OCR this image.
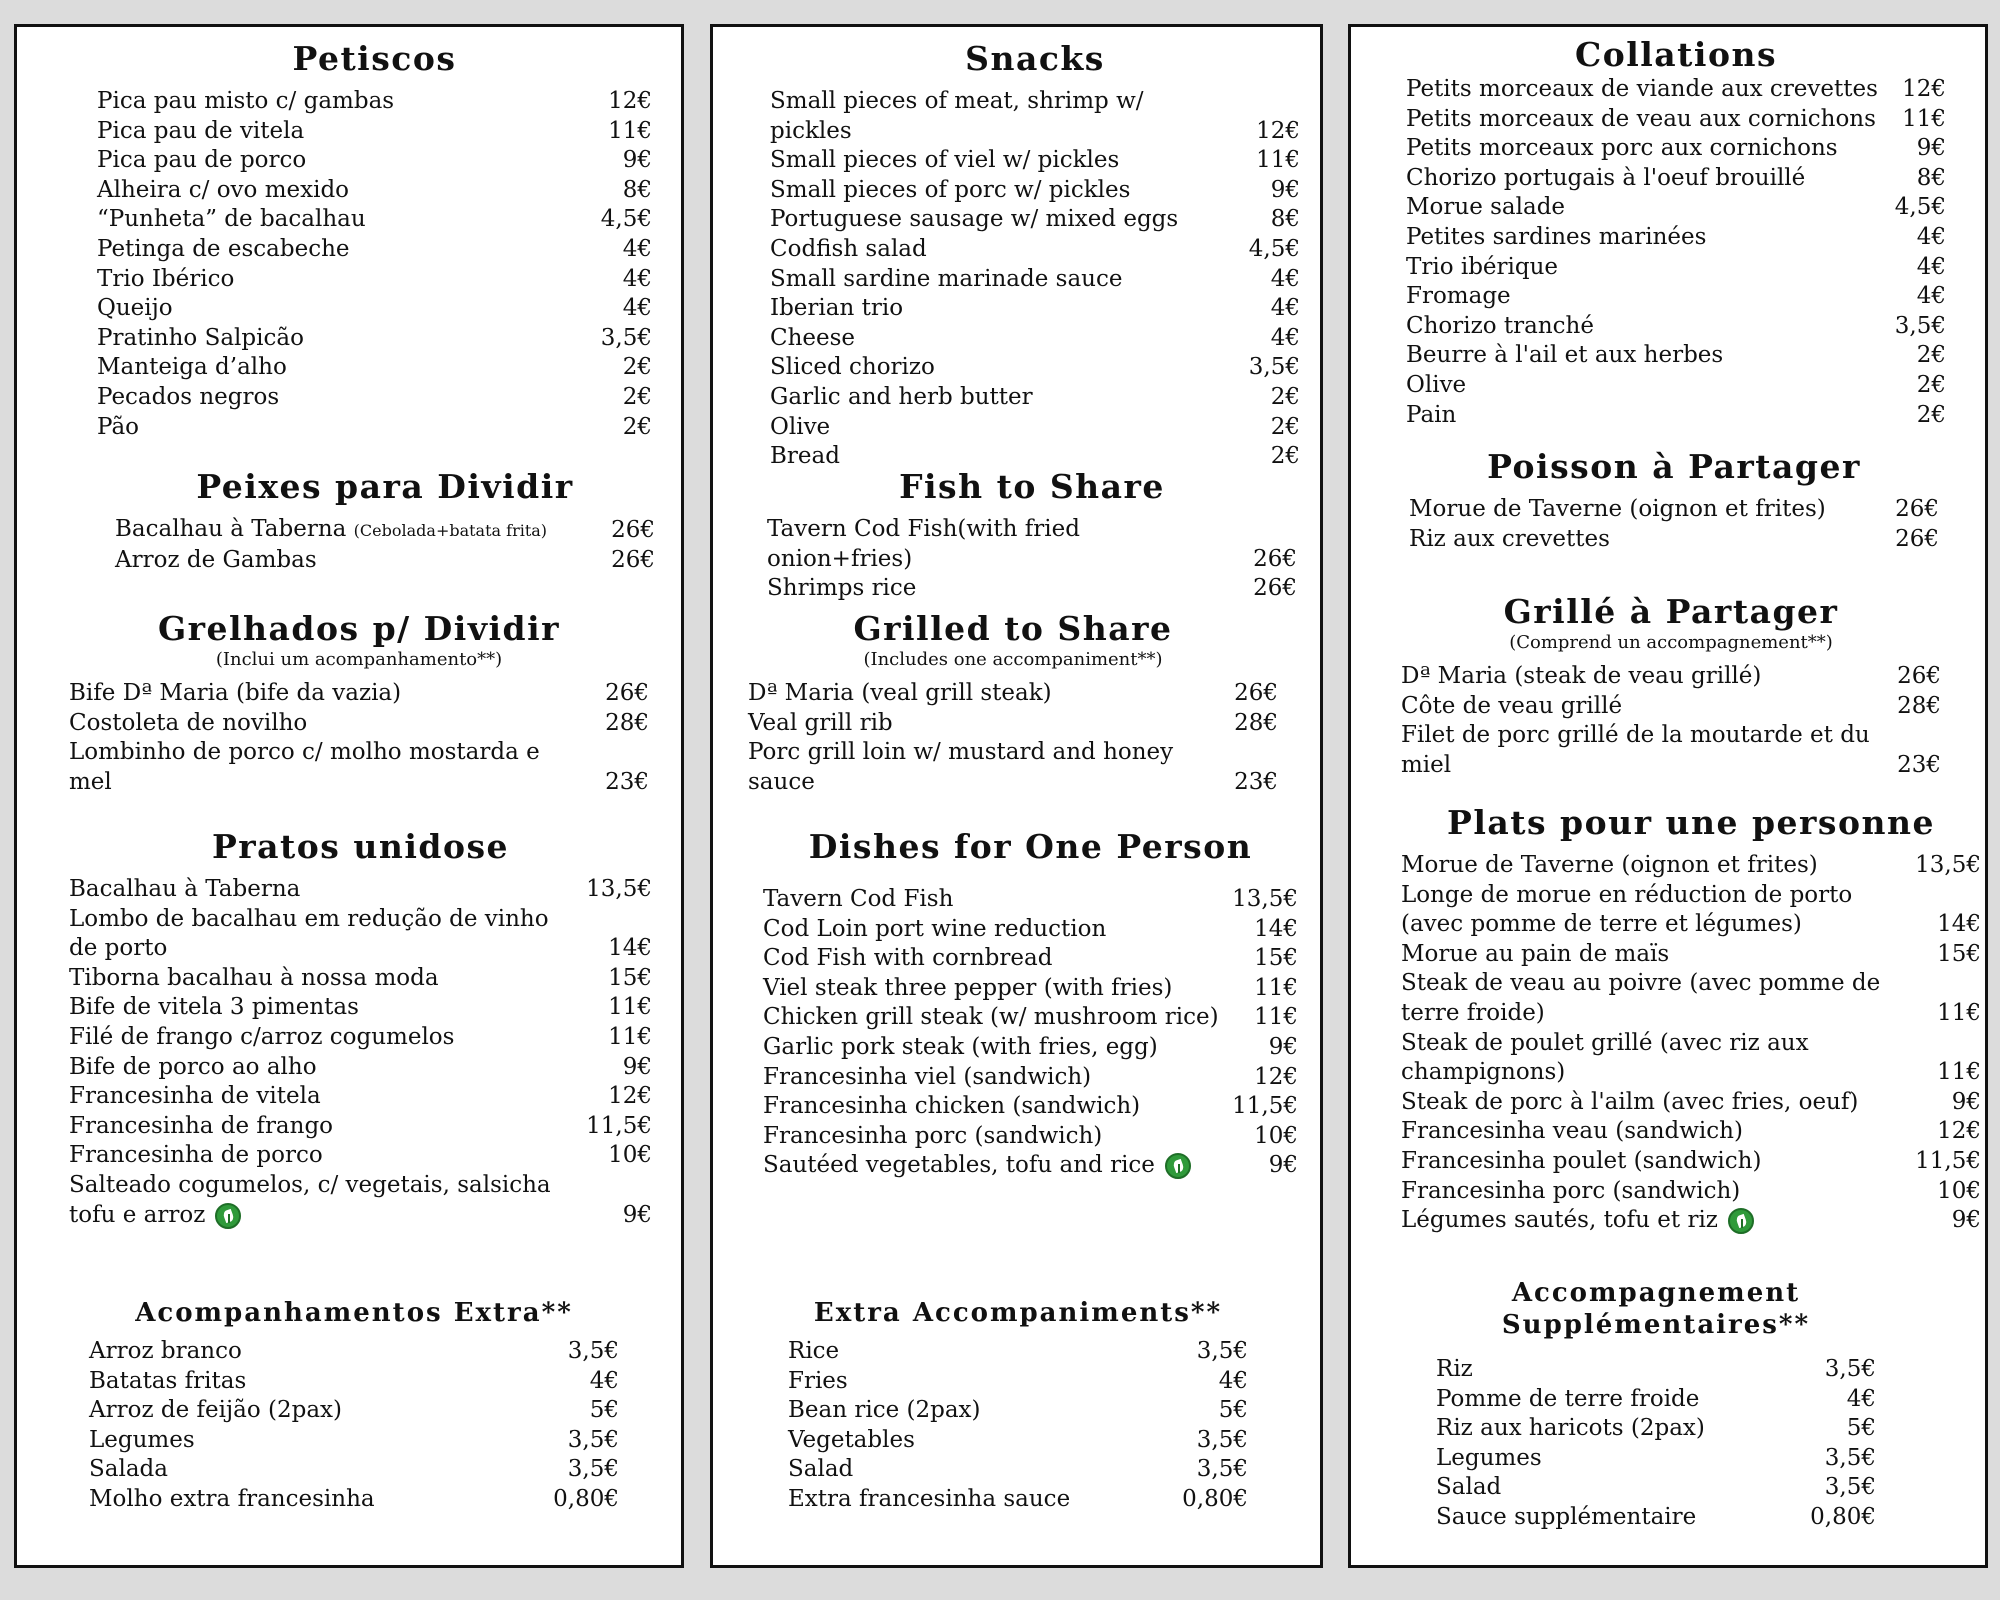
Petiscos
Pica pau misto c/ gambas	12€
Pica pau de vitela	11€
Pica pau de porco	9€
Alheira c/ ovo mexido	8€
“Punheta” de bacalhau	4,5€
Petinga de escabeche	4€
Trio Ibérico	4€
Queijo	4€
Pratinho Salpicão	3,5€
Manteiga d’alho	2€
Pecados negros	2€
Pão	2€
Peixes para Dividir
Bacalhau à Taberna (Cebolada+batata frita)	26€
Arroz de Gambas	26€
Grelhados p/ Dividir
(Inclui um acompanhamento**)
Bife Dª Maria (bife da vazia)	26€
Costoleta de novilho	28€
Lombinho de porco c/ molho mostarda e mel	23€
Pratos unidose
Bacalhau à Taberna	13,5€
Lombo de bacalhau em redução de vinho de porto	14€
Tiborna bacalhau à nossa moda	15€
Bife de vitela 3 pimentas	11€
Filé de frango c/arroz cogumelos	11€
Bife de porco ao alho	9€
Francesinha de vitela	12€
Francesinha de frango	11,5€
Francesinha de porco	10€
Salteado cogumelos, c/ vegetais, salsicha tofu e arroz	9€
Acompanhamentos Extra**
Arroz branco	3,5€
Batatas fritas	4€
Arroz de feijão (2pax)	5€
Legumes	3,5€
Salada	3,5€
Molho extra francesinha	0,80€
Snacks
Small pieces of meat, shrimp w/ pickles	12€
Small pieces of viel w/ pickles	11€
Small pieces of porc w/ pickles	9€
Portuguese sausage w/ mixed eggs	8€
Codfish salad	4,5€
Small sardine marinade sauce	4€
Iberian trio	4€
Cheese	4€
Sliced chorizo	3,5€
Garlic and herb butter	2€
Olive	2€
Bread	2€
Fish to Share
Tavern Cod Fish(with fried onion+fries)	26€
Shrimps rice	26€
Grilled to Share
(Includes one accompaniment**)
Dª Maria (veal grill steak)	26€
Veal grill rib	28€
Porc grill loin w/ mustard and honey sauce	23€
Dishes for One Person
Tavern Cod Fish	13,5€
Cod Loin port wine reduction	14€
Cod Fish with cornbread	15€
Viel steak three pepper (with fries)	11€
Chicken grill steak (w/ mushroom rice)	11€
Garlic pork steak (with fries, egg)	9€
Francesinha viel (sandwich)	12€
Francesinha chicken (sandwich)	11,5€
Francesinha porc (sandwich)	10€
Sautéed vegetables, tofu and rice	9€
Extra Accompaniments**
Rice	3,5€
Fries	4€
Bean rice (2pax)	5€
Vegetables	3,5€
Salad	3,5€
Extra francesinha sauce	0,80€
Collations
Petits morceaux de viande aux crevettes	12€
Petits morceaux de veau aux cornichons	11€
Petits morceaux porc aux cornichons	9€
Chorizo portugais à l'oeuf brouillé	8€
Morue salade	4,5€
Petites sardines marinées	4€
Trio ibérique	4€
Fromage	4€
Chorizo tranché	3,5€
Beurre à l'ail et aux herbes	2€
Olive	2€
Pain	2€
Poisson à Partager
Morue de Taverne (oignon et frites)	26€
Riz aux crevettes	26€
Grillé à Partager
(Comprend un accompagnement**)
Dª Maria (steak de veau grillé)	26€
Côte de veau grillé	28€
Filet de porc grillé de la moutarde et du miel	23€
Plats pour une personne
Morue de Taverne (oignon et frites)	13,5€
Longe de morue en réduction de porto (avec pomme de terre et légumes)	14€
Morue au pain de maïs	15€
Steak de veau au poivre (avec pomme de terre froide)	11€
Steak de poulet grillé (avec riz aux champignons)	11€
Steak de porc à l'ailm (avec fries, oeuf)	9€
Francesinha veau (sandwich)	12€
Francesinha poulet (sandwich)	11,5€
Francesinha porc (sandwich)	10€
Légumes sautés, tofu et riz	9€
Accompagnement Supplémentaires**
Riz	3,5€
Pomme de terre froide	4€
Riz aux haricots (2pax)	5€
Legumes	3,5€
Salad	3,5€
Sauce supplémentaire	0,80€
